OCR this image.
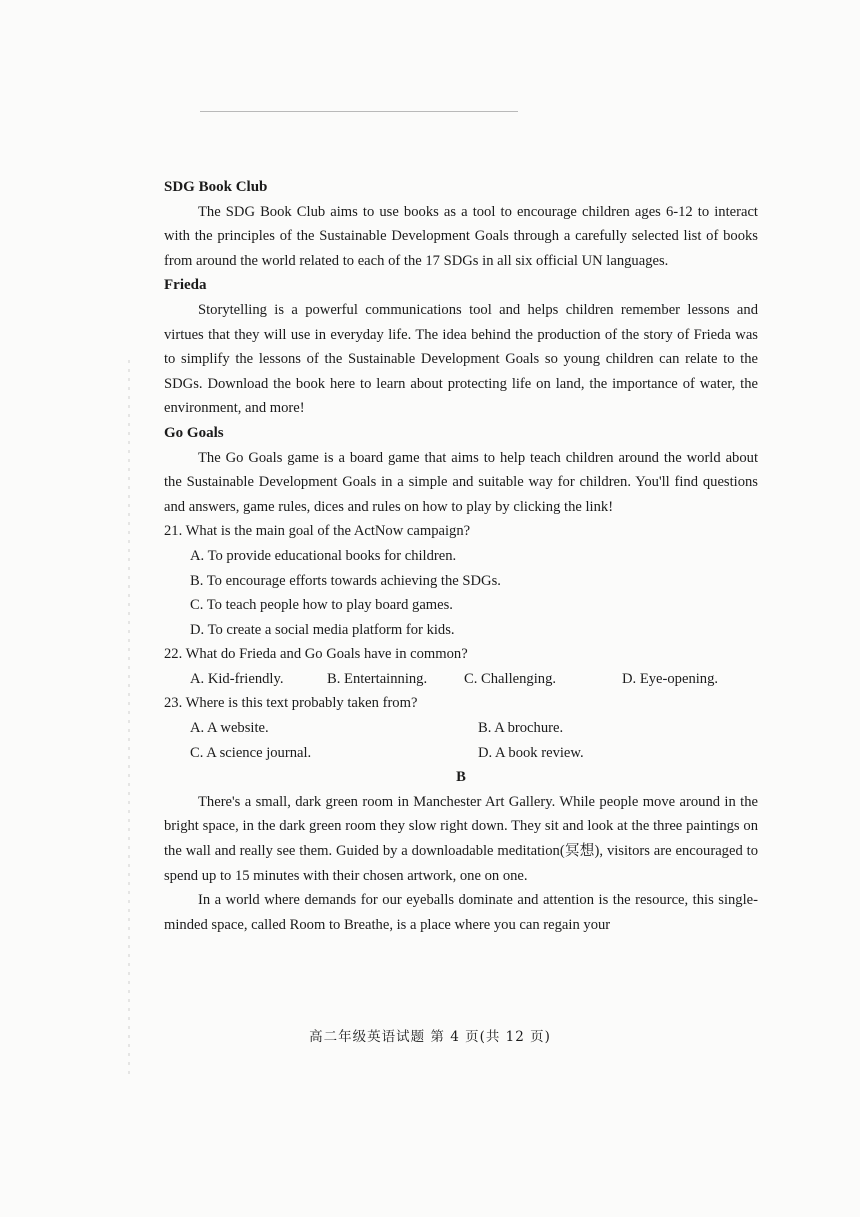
SDG Book Club

The SDG Book Club aims to use books as a tool to encourage children ages 6-12 to interact with the principles of the Sustainable Development Goals through a carefully selected list of books from around the world related to each of the 17 SDGs in all six official UN languages.

Frieda

Storytelling is a powerful communications tool and helps children remember lessons and virtues that they will use in everyday life. The idea behind the production of the story of Frieda was to simplify the lessons of the Sustainable Development Goals so young children can relate to the SDGs. Download the book here to learn about protecting life on land, the importance of water, the environment, and more!

Go Goals

The Go Goals game is a board game that aims to help teach children around the world about the Sustainable Development Goals in a simple and suitable way for children. You'll find questions and answers, game rules, dices and rules on how to play by clicking the link!

21. What is the main goal of the ActNow campaign?

A. To provide educational books for children.

B. To encourage efforts towards achieving the SDGs.

C. To teach people how to play board games.

D. To create a social media platform for kids.

22. What do Frieda and Go Goals have in common?

A. Kid-friendly.	B. Entertainning.	C. Challenging.	D. Eye-opening.

23. Where is this text probably taken from?

A. A website.	B. A brochure.
C. A science journal.	D. A book review.

B

There's a small, dark green room in Manchester Art Gallery. While people move around in the bright space, in the dark green room they slow right down. They sit and look at the three paintings on the wall and really see them. Guided by a downloadable meditation(冥想), visitors are encouraged to spend up to 15 minutes with their chosen artwork, one on one.

In a world where demands for our eyeballs dominate and attention is the resource, this single-minded space, called Room to Breathe, is a place where you can regain your

高二年级英语试题 第 4 页(共 12 页)
